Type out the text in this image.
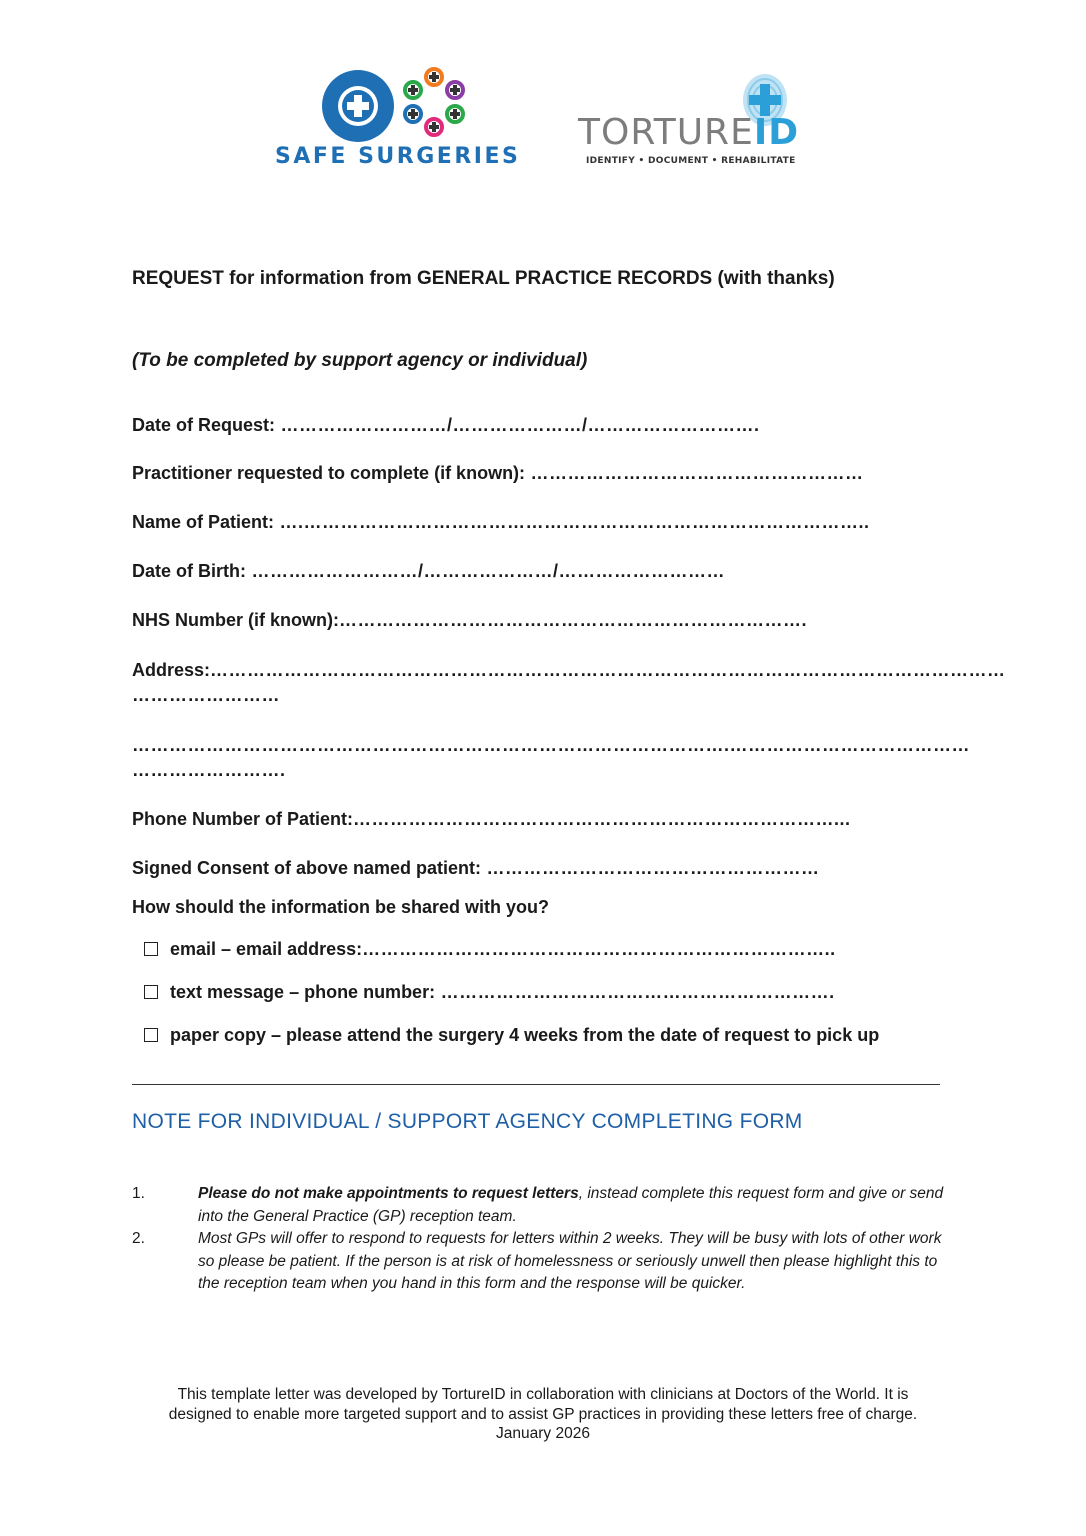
SAFE SURGERIES
TORTUREID
IDENTIFY • DOCUMENT • REHABILITATE
REQUEST for information from GENERAL PRACTICE RECORDS (with thanks)
(To be completed by support agency or individual)
Date of Request: ………………………/…………………/……………………….
Practitioner requested to complete (if known): ………………………………………………
Name of Patient: ….………………………………………………………………………………..
Date of Birth: ………………………/…………………/………………………
NHS Number (if known):………………………………………………………………….
Address:…………………………………………………………………………………………………………………
……………………
…………………………………………………………………………………….…………………………………
…………………….
Phone Number of Patient:……………………………………………………………………...
Signed Consent of above named patient: ………………………………………………
How should the information be shared with you?
email – email address:…………………………………………………………………..
text message – phone number: ……………………………………………………….
paper copy – please attend the surgery 4 weeks from the date of request to pick up
NOTE FOR INDIVIDUAL / SUPPORT AGENCY COMPLETING FORM
1.	Please do not make appointments to request letters, instead complete this request form and give or send into the General Practice (GP) reception team.
2.	Most GPs will offer to respond to requests for letters within 2 weeks. They will be busy with lots of other work so please be patient. If the person is at risk of homelessness or seriously unwell then please highlight this to the reception team when you hand in this form and the response will be quicker.
This template letter was developed by TortureID in collaboration with clinicians at Doctors of the World. It is
designed to enable more targeted support and to assist GP practices in providing these letters free of charge.
January 2026
